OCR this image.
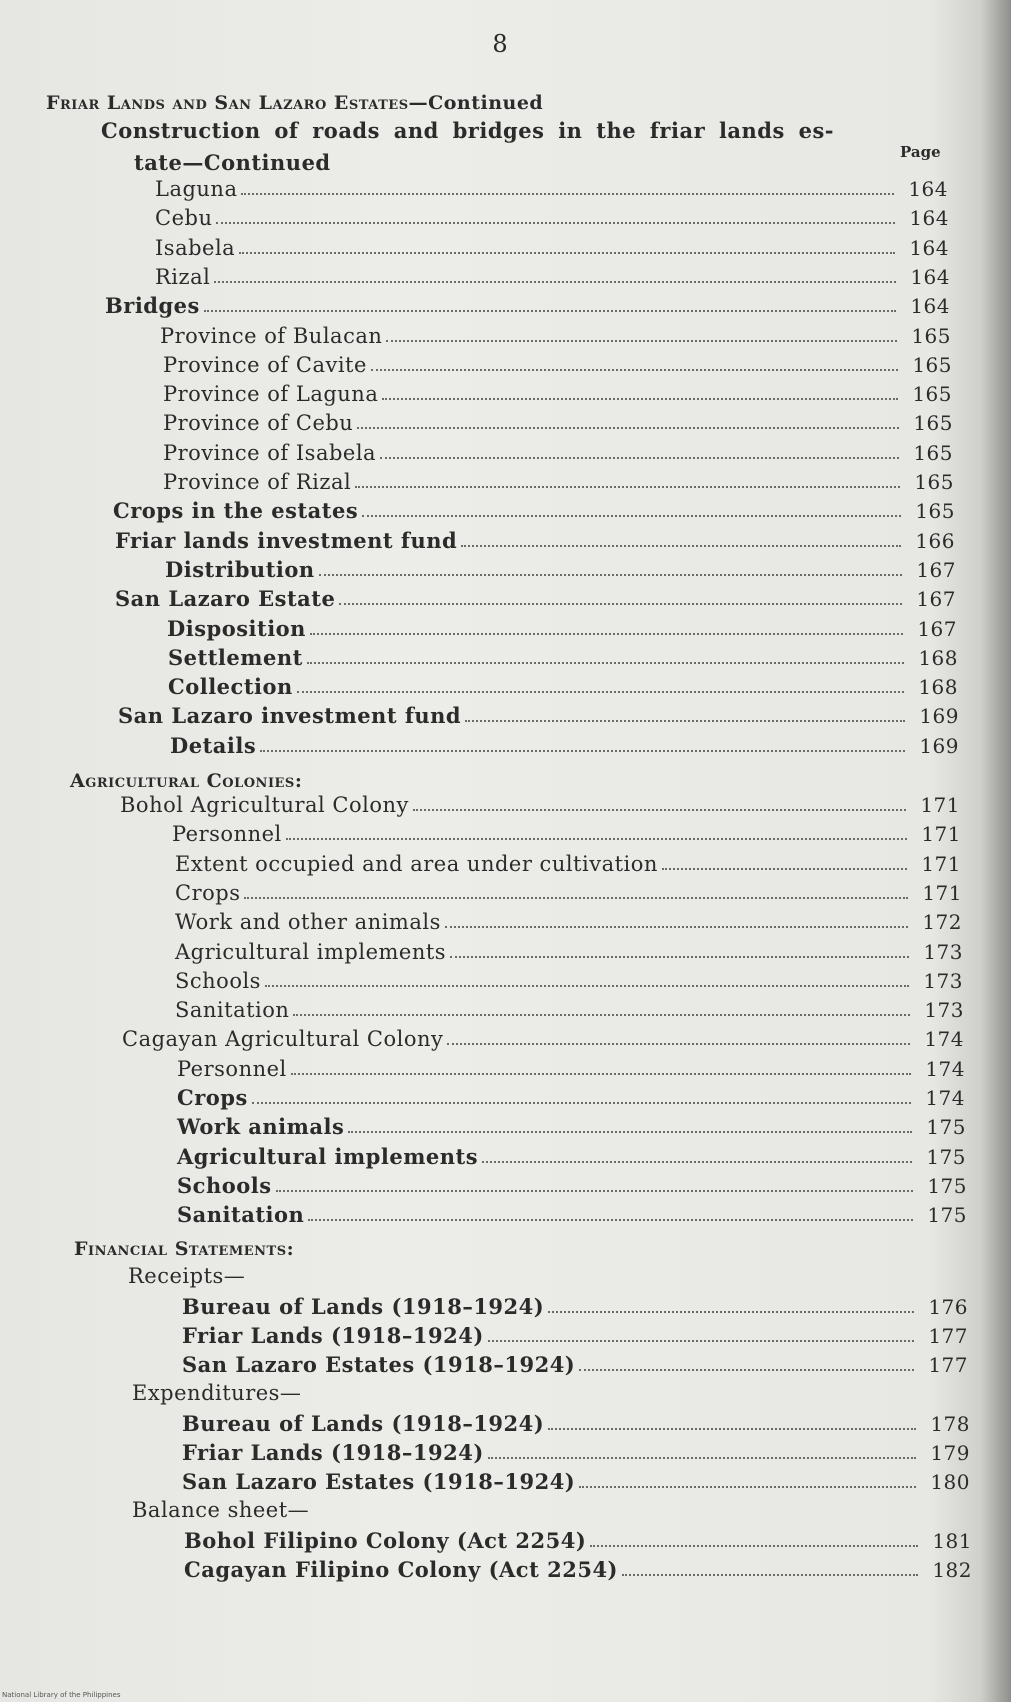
8
Friar Lands and San Lazaro Estates—Continued
Construction of roads and bridges in the friar lands es-
tate—Continued	Page
Laguna	164
Cebu	164
Isabela	164
Rizal	164
Bridges	164
Province of Bulacan	165
Province of Cavite	165
Province of Laguna	165
Province of Cebu	165
Province of Isabela	165
Province of Rizal	165
Crops in the estates	165
Friar lands investment fund	166
Distribution	167
San Lazaro Estate	167
Disposition	167
Settlement	168
Collection	168
San Lazaro investment fund	169
Details	169
Agricultural Colonies:
Bohol Agricultural Colony	171
Personnel	171
Extent occupied and area under cultivation	171
Crops	171
Work and other animals	172
Agricultural implements	173
Schools	173
Sanitation	173
Cagayan Agricultural Colony	174
Personnel	174
Crops	174
Work animals	175
Agricultural implements	175
Schools	175
Sanitation	175
Financial Statements:
Receipts—
Bureau of Lands (1918–1924)	176
Friar Lands (1918–1924)	177
San Lazaro Estates (1918–1924)	177
Expenditures—
Bureau of Lands (1918–1924)	178
Friar Lands (1918–1924)	179
San Lazaro Estates (1918–1924)	180
Balance sheet—
Bohol Filipino Colony (Act 2254)	181
Cagayan Filipino Colony (Act 2254)	182
National Library of the Philippines
